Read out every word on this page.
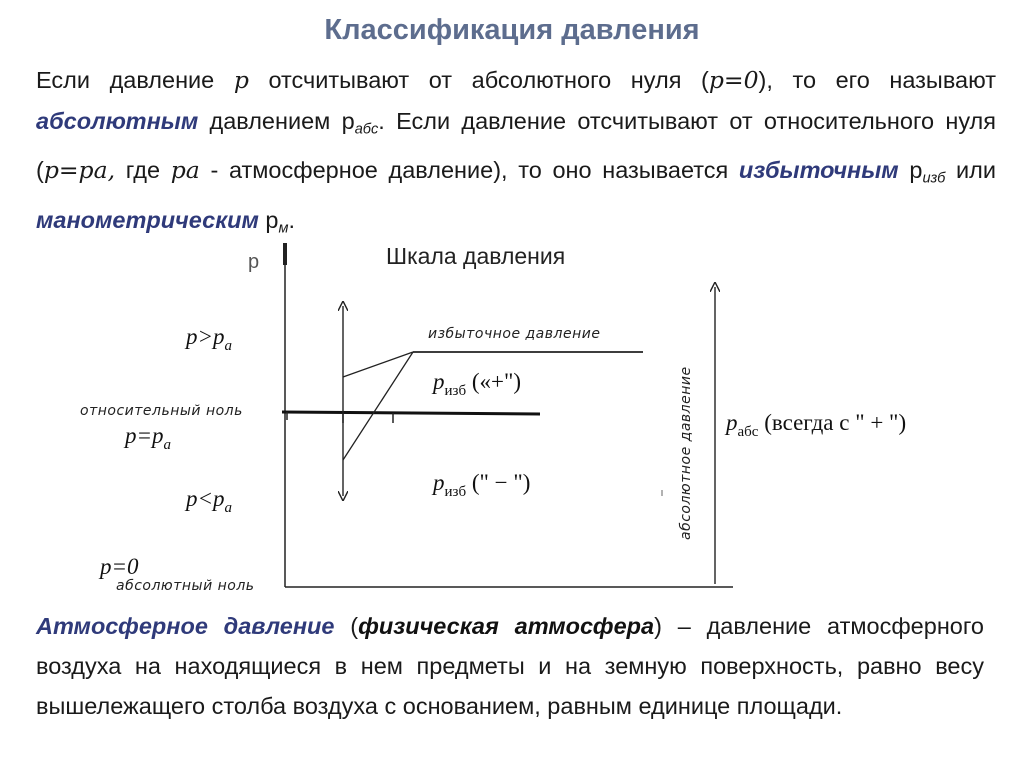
Классификация давления
Если давление p отсчитывают от абсолютного нуля (p=0), то его называют абсолютным давлением $p_{абс}$. Если давление отсчитывают от относительного нуля (p=pa, где pa - атмосферное давление), то оно называется избыточным $p_{изб}$ или манометрическим $p_м$.
Шкала давления
p
$p>p_a$
относительный ноль
$p=p_a$
$p<p_a$
p=0
абсолютный ноль
избыточное давление
$p_{изб}$ («+")
$p_{изб}$ (" − ")	абсолютное давление $p_{абс}$ (всегда с " + ")
Атмосферное давление (физическая атмосфера) – давление атмосферного воздуха на находящиеся в нем предметы и на земную поверхность, равно весу вышележащего столба воздуха с основанием, равным единице площади.
